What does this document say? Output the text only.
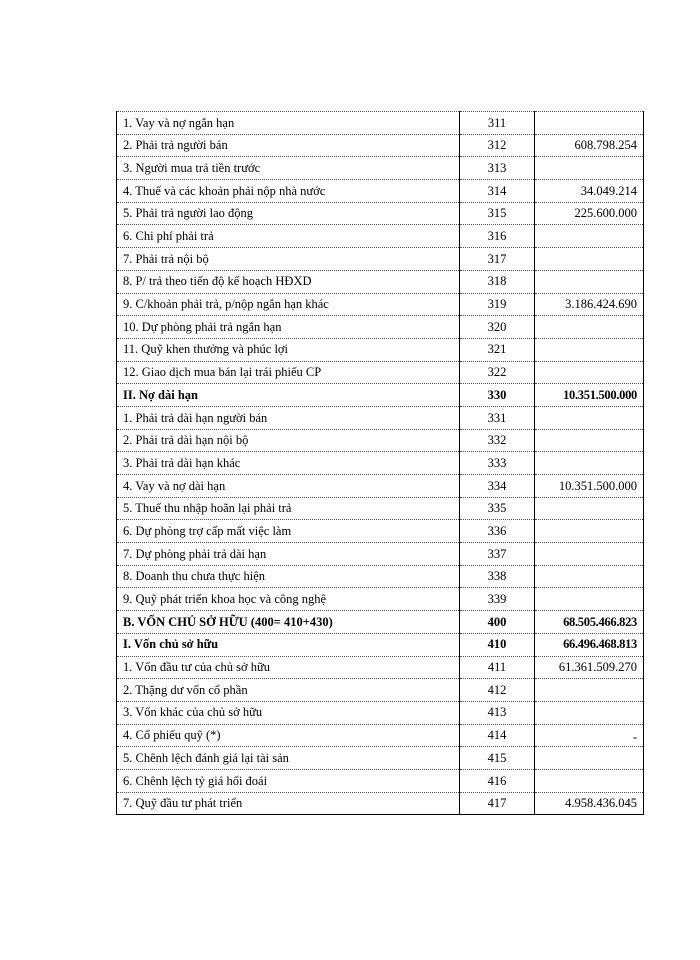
1. Vay và nợ ngắn hạn	311	
2. Phải trả người bán	312	608.798.254
3. Người mua trả tiền trước	313	
4. Thuế và các khoản phải nộp nhà nước	314	34.049.214
5. Phải trả người lao động	315	225.600.000
6. Chi phí phải trả	316	
7. Phải trả nội bộ	317	
8. P/ trả theo tiến độ kế hoạch HĐXD	318	
9. C/khoản phải trả, p/nộp ngắn hạn khác	319	3.186.424.690
10. Dự phòng phải trả ngắn hạn	320	
11. Quỹ khen thưởng và phúc lợi	321	
12. Giao dịch mua bán lại trái phiếu CP	322	
II. Nợ dài hạn	330	10.351.500.000
1. Phải trả dài hạn người bán	331	
2. Phải trả dài hạn nội bộ	332	
3. Phải trả dài hạn khác	333	
4. Vay và nợ dài hạn	334	10.351.500.000
5. Thuế thu nhập hoãn lại phải trả	335	
6. Dự phòng trợ cấp mất việc làm	336	
7. Dự phòng phải trả dài hạn	337	
8. Doanh thu chưa thực hiện	338	
9. Quỹ phát triển khoa học và công nghệ	339	
B. VỐN CHỦ SỞ HỮU (400= 410+430)	400	68.505.466.823
I. Vốn chủ sở hữu	410	66.496.468.813
1. Vốn đầu tư của chủ sở hữu	411	61.361.509.270
2. Thặng dư vốn cổ phần	412	
3. Vốn khác của chủ sở hữu	413	
4. Cổ phiếu quỹ (*)	414	-
5. Chênh lệch đánh giá lại tài sản	415	
6. Chênh lệch tỷ giá hối đoái	416	
7. Quỹ đầu tư phát triển	417	4.958.436.045
